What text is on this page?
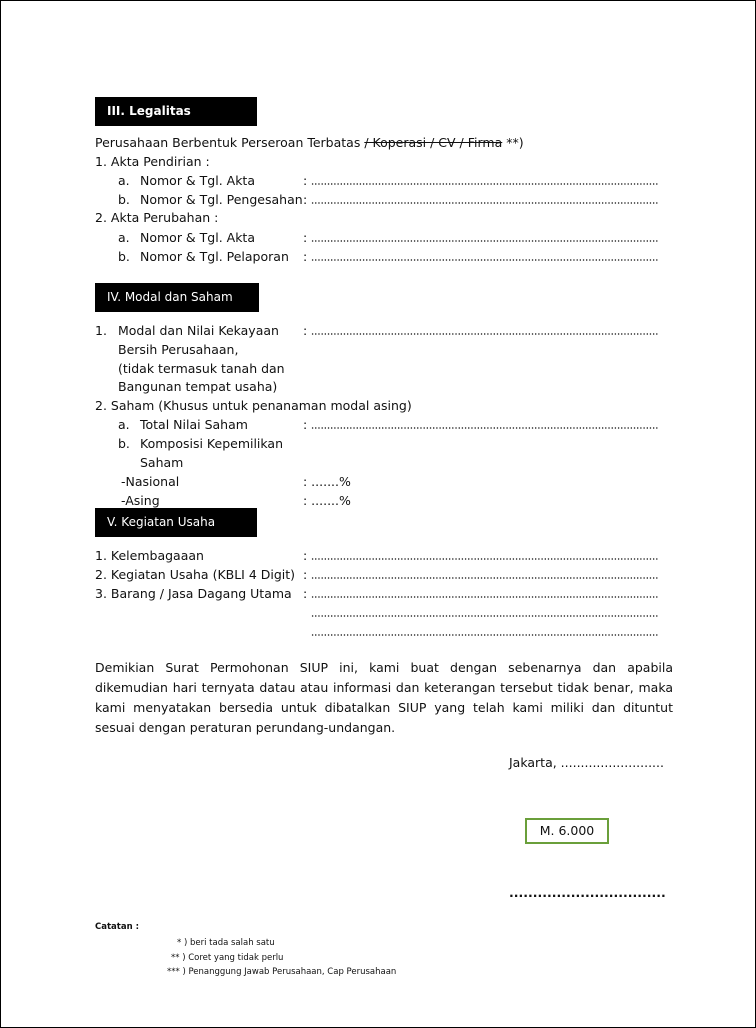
III. Legalitas
Perusahaan Berbentuk Perseroan Terbatas / Koperasi / CV / Firma **)
1. Akta Pendirian :
a. Nomor & Tgl. Akta	:
b. Nomor & Tgl. Pengesahan :
2. Akta Perubahan :
a. Nomor & Tgl. Akta	:
b. Nomor & Tgl. Pelaporan :
IV. Modal dan Saham
1. Modal dan Nilai Kekayaan
Bersih Perusahaan,
(tidak termasuk tanah dan
Bangunan tempat usaha)
:
2. Saham (Khusus untuk penanaman modal asing)
a. Total Nilai Saham	:
b. Komposisi Kepemilikan
Saham
-Nasional	: .......%
-Asing	: .......%
V. Kegiatan Usaha
1. Kelembagaaan	:
2. Kegiatan Usaha (KBLI 4 Digit) :
3. Barang / Jasa Dagang Utama :
Demikian Surat Permohonan SIUP ini, kami buat dengan sebenarnya dan apabila dikemudian hari ternyata datau atau informasi dan keterangan tersebut tidak benar, maka kami menyatakan bersedia untuk dibatalkan SIUP yang telah kami miliki dan dituntut sesuai dengan peraturan perundang-undangan.
Jakarta, ..........................
M. 6.000
.................................
Catatan :
* ) beri tada salah satu
** ) Coret yang tidak perlu
*** ) Penanggung Jawab Perusahaan, Cap Perusahaan
